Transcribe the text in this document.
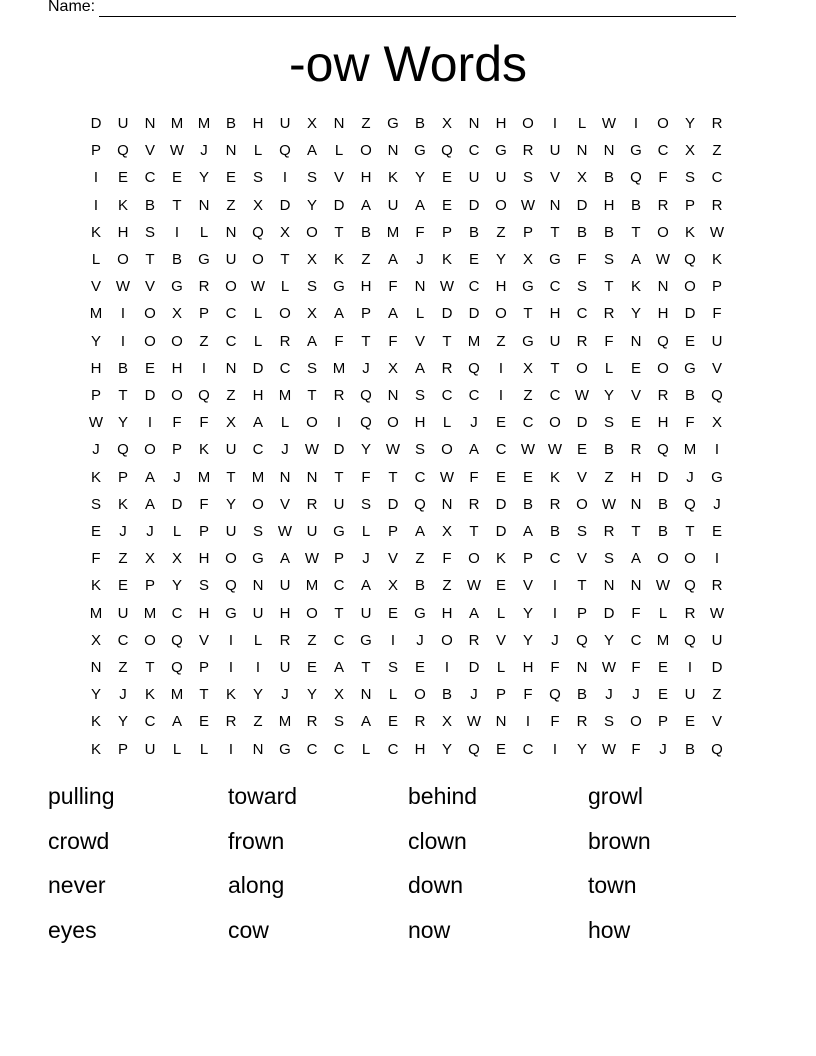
Name:
-ow Words
D U N M M B H U X N Z G B X N H O	I	L	W	I	O Y R
P Q V W	J	N	L	Q A	L	O N G Q C G R U N N G C X Z
I	E C E Y E S	I	S V H K Y E U U S V X B Q F S C
I	K B T N Z X D Y D A U A E D O W N D H B R P R
K H S	I	L	N Q X O T B M F P B Z P T B B T O K W
L	O T B G U O T X K Z A	J	K E Y X G F S A W Q K
V W V G R O W	L	S G H F N W C H G C S T K N O P
M	I	O X P C	L	O X A P A	L	D D O T H C R Y H D F
Y	I	O O Z C	L	R A F T F V T M Z G U R F N Q E U
H B E H	I	N D C S M	J	X A R Q	I	X T O	L	E O G V
P T D O Q Z H M T R Q N S C C	I	Z C W Y V R B Q
W Y	I	F F X A	L	O	I	Q O H	L	J	E C O D S E H F X
J	Q O P K U C	J	W D Y W S O A C W W E B R Q M	I
K P A	J	M T M N N T F T C W F E E K V Z H D	J	G
S K A D F Y O V R U S D Q N R D B R O W N B Q	J
E	J	J	L	P U S W U G	L	P A X T D A B S R T B T E
F Z X X H O G A W P	J	V Z F O K P C V S A O O	I
K E P Y S Q N U M C A X B Z W E V	I	T N N W Q R
M U M C H G U H O T U E G H A	L	Y	I	P D F	L	R W
X C O Q V	I	L	R Z C G	I	J	O R V Y	J	Q Y C M Q U
N Z T Q P	I	I	U E A T S E	I	D	L	H F N W F E	I	D
Y	J	K M T K Y	J	Y X N	L	O B	J	P F Q B	J	J	E U Z
K Y C A E R Z M R S A E R X W N	I	F R S O P E V
K P U	L	L	I	N G C C	L	C H Y Q E C	I	Y W F	J	B Q
pulling	toward	behind	growl
crowd	frown	clown	brown
never	along	down	town
eyes	cow	now	how
